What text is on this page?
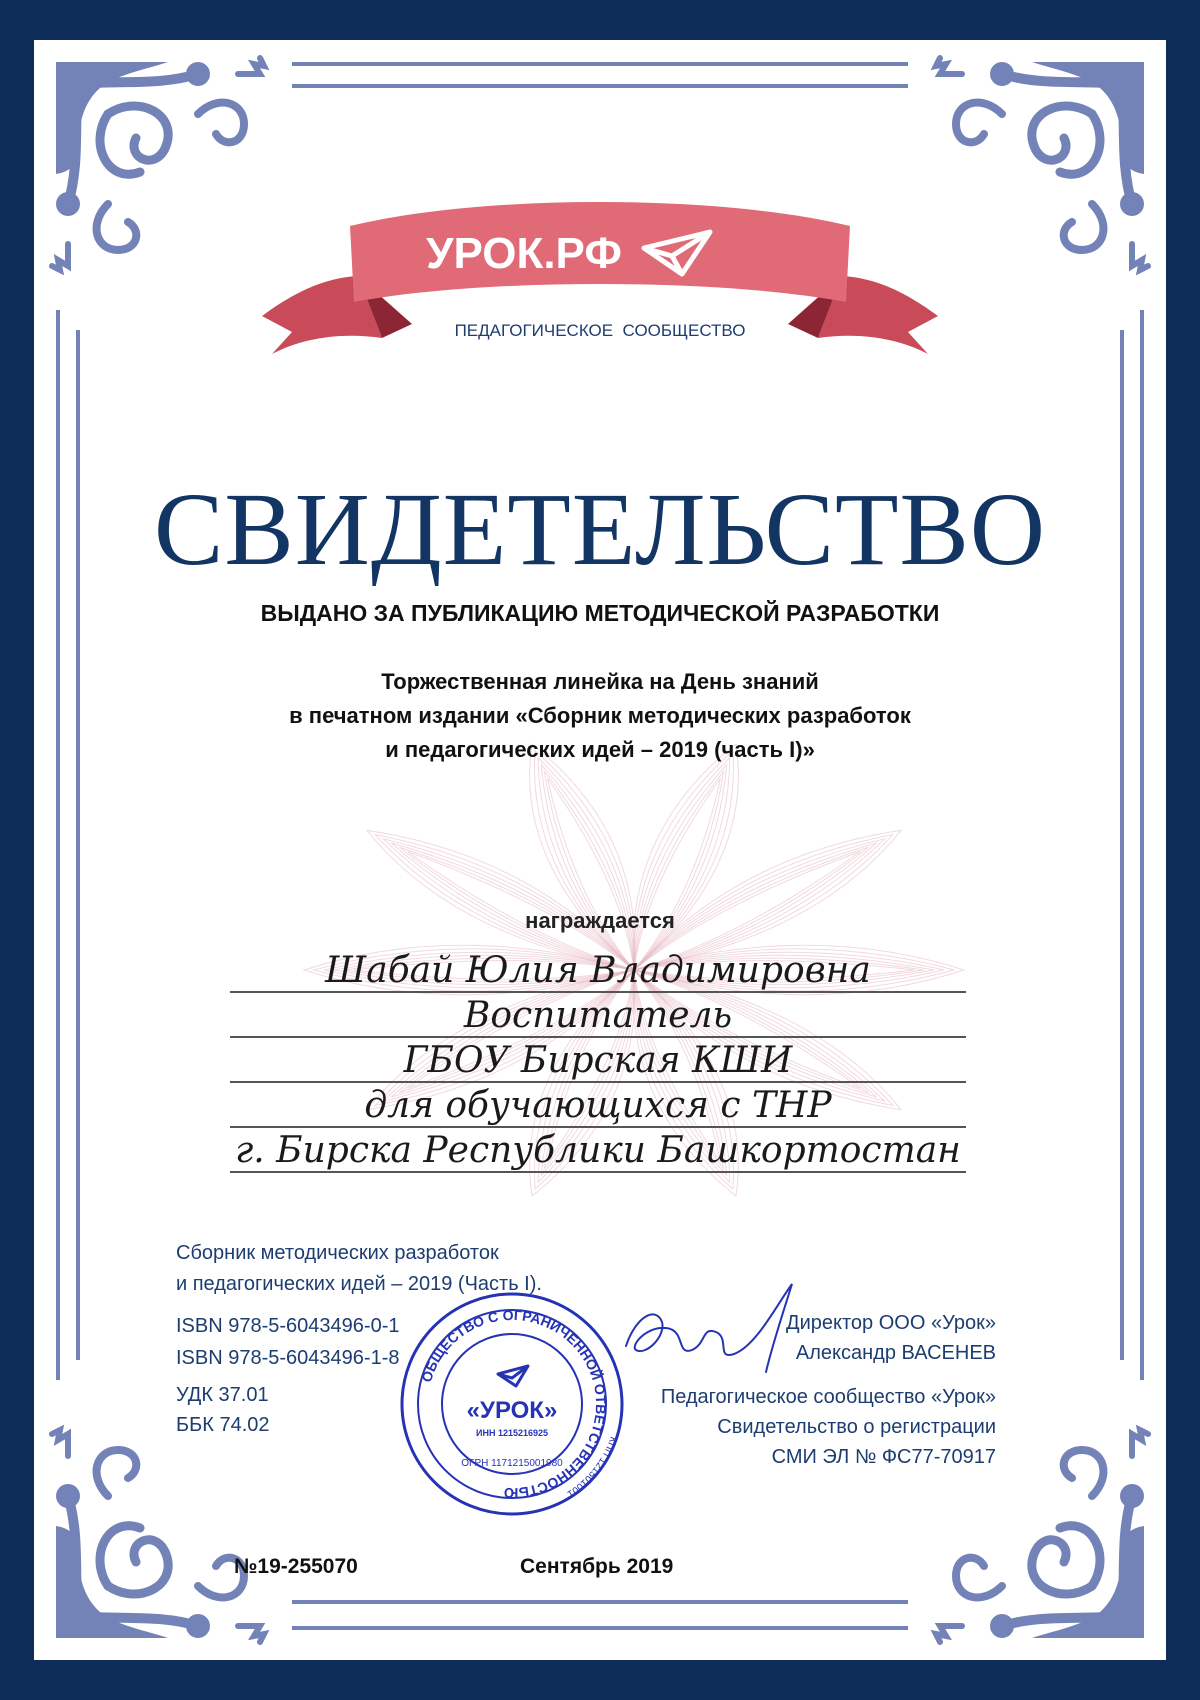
УРОК.РФ
ПЕДАГОГИЧЕСКОЕ  СООБЩЕСТВО
СВИДЕТЕЛЬСТВО
ВЫДАНО ЗА ПУБЛИКАЦИЮ МЕТОДИЧЕСКОЙ РАЗРАБОТКИ
Торжественная линейка на День знаний
в печатном издании «Сборник методических разработок
и педагогических идей – 2019 (часть I)»
награждается
Шабай Юлия Владимировна
Воспитатель
ГБОУ Бирская КШИ
для обучающихся с ТНР
г. Бирска Республики Башкортостан
Сборник методических разработок
и педагогических идей – 2019 (Часть I).
ISBN 978-5-6043496-0-1
ISBN 978-5-6043496-1-8
УДК 37.01
ББК 74.02
Директор ООО «Урок»
Александр ВАСЕНЕВ
Педагогическое сообщество «Урок»
Свидетельство о регистрации
СМИ ЭЛ № ФС77-70917
ОБЩЕСТВО С ОГРАНИЧЕННОЙ ОТВЕТСТВЕННОСТЬЮ
КПП 121501001
«УРОК»
ИНН 1215216925
ОГРН 1171215001980
№19-255070	Сентябрь 2019
